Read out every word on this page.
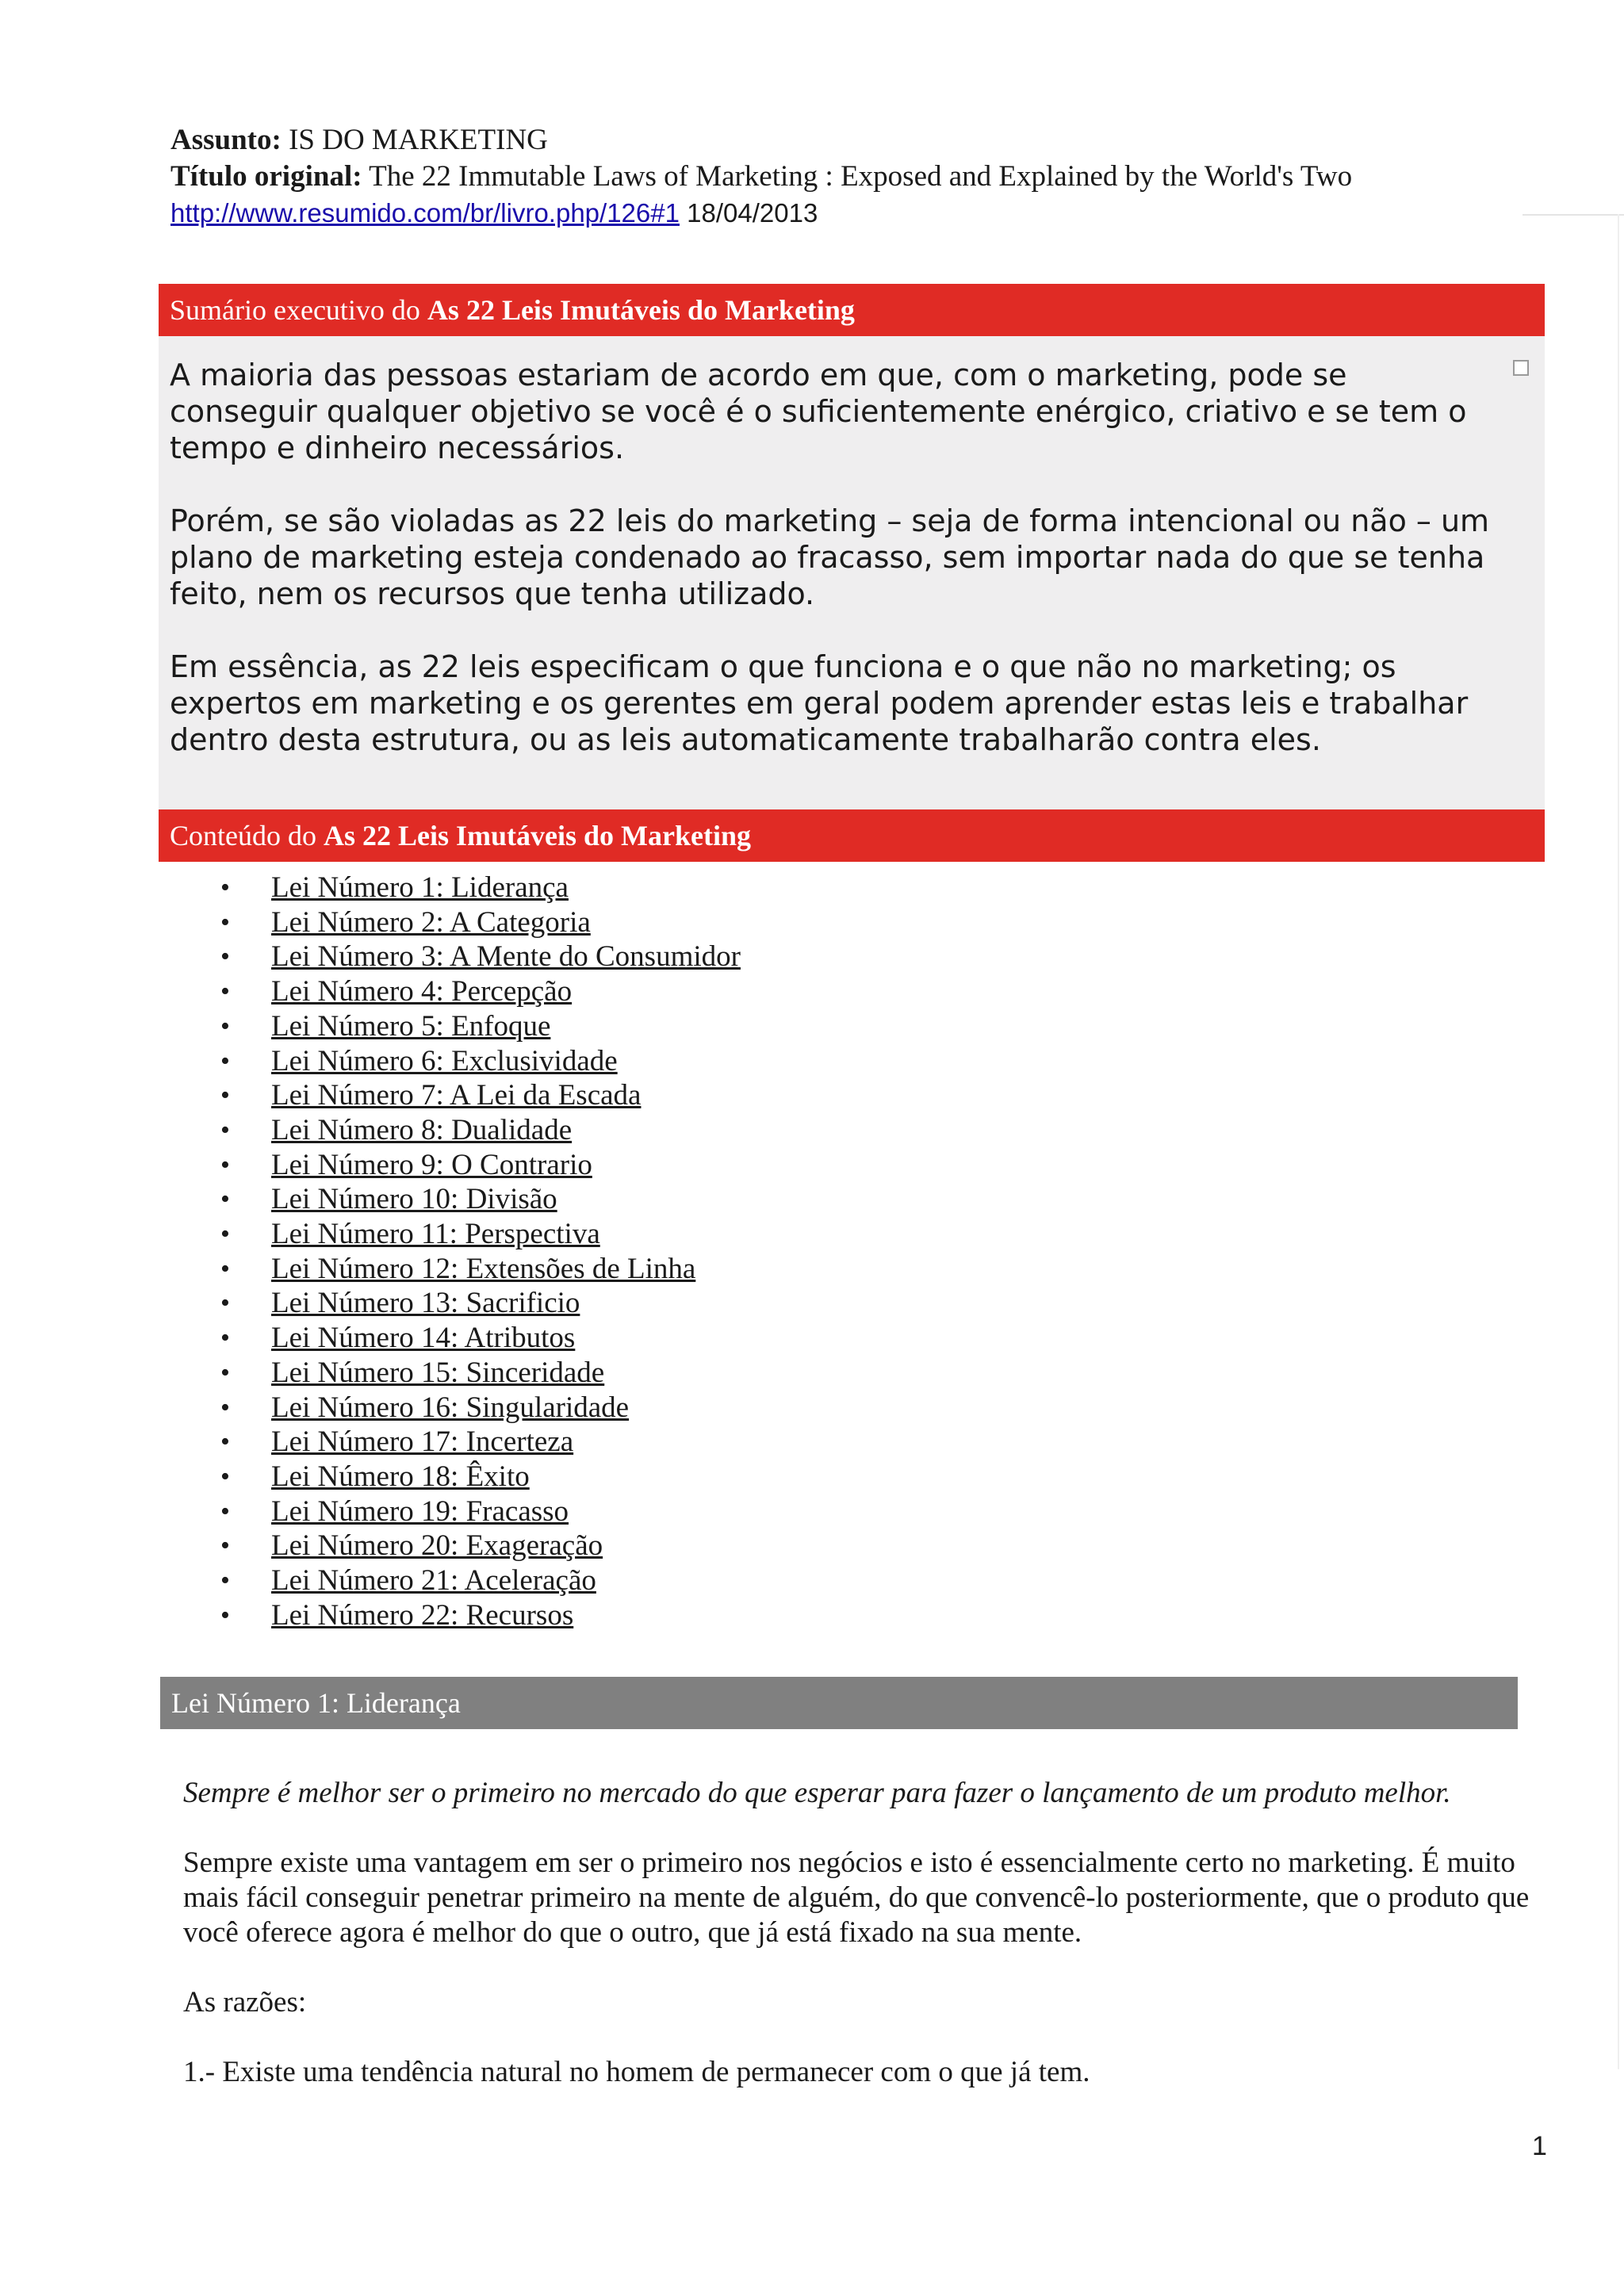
Assunto: IS DO MARKETING
Título original: The 22 Immutable Laws of Marketing : Exposed and Explained by the World's Two
http://www.resumido.com/br/livro.php/126#1 18/04/2013
Sumário executivo do As 22 Leis Imutáveis do Marketing

A maioria das pessoas estariam de acordo em que, com o marketing, pode se conseguir qualquer objetivo se você é o suficientemente enérgico, criativo e se tem o tempo e dinheiro necessários.

Porém, se são violadas as 22 leis do marketing – seja de forma intencional ou não – um plano de marketing esteja condenado ao fracasso, sem importar nada do que se tenha feito, nem os recursos que tenha utilizado.

Em essência, as 22 leis especificam o que funciona e o que não no marketing; os expertos em marketing e os gerentes em geral podem aprender estas leis e trabalhar dentro desta estrutura, ou as leis automaticamente trabalharão contra eles.

Conteúdo do As 22 Leis Imutáveis do Marketing
• Lei Número 1: Liderança
• Lei Número 2: A Categoria
• Lei Número 3: A Mente do Consumidor
• Lei Número 4: Percepção
• Lei Número 5: Enfoque
• Lei Número 6: Exclusividade
• Lei Número 7: A Lei da Escada
• Lei Número 8: Dualidade
• Lei Número 9: O Contrario
• Lei Número 10: Divisão
• Lei Número 11: Perspectiva
• Lei Número 12: Extensões de Linha
• Lei Número 13: Sacrificio
• Lei Número 14: Atributos
• Lei Número 15: Sinceridade
• Lei Número 16: Singularidade
• Lei Número 17: Incerteza
• Lei Número 18: Êxito
• Lei Número 19: Fracasso
• Lei Número 20: Exageração
• Lei Número 21: Aceleração
• Lei Número 22: Recursos
Lei Número 1: Liderança

Sempre é melhor ser o primeiro no mercado do que esperar para fazer o lançamento de um produto melhor.

Sempre existe uma vantagem em ser o primeiro nos negócios e isto é essencialmente certo no marketing. É muito mais fácil conseguir penetrar primeiro na mente de alguém, do que convencê-lo posteriormente, que o produto que você oferece agora é melhor do que o outro, que já está fixado na sua mente.

As razões:

1.- Existe uma tendência natural no homem de permanecer com o que já tem.

1
